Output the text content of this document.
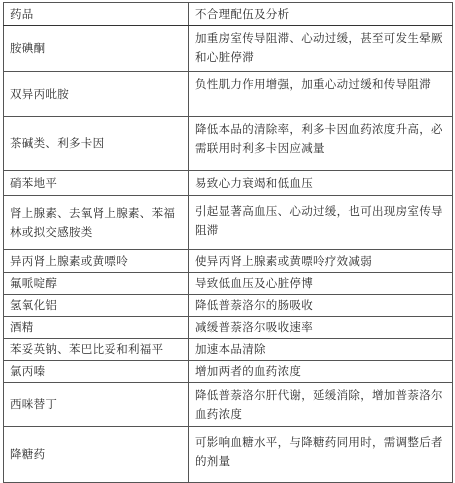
药品	不合理配伍及分析
胺碘酮	加重房室传导阻滞、心动过缓，甚至可发生晕厥和心脏停滞
双异丙吡胺	负性肌力作用增强，加重心动过缓和传导阻滞
茶碱类、利多卡因	降低本品的清除率，利多卡因血药浓度升高，必需联用时利多卡因应减量
硝苯地平	易致心力衰竭和低血压
肾上腺素、去氧肾上腺素、苯福林或拟交感胺类	引起显著高血压、心动过缓，也可出现房室传导阻滞
异丙肾上腺素或黄嘌呤	使异丙肾上腺素或黄嘌呤疗效减弱
氟哌啶醇	导致低血压及心脏停博
氢氧化铝	降低普萘洛尔的肠吸收
酒精	减缓普萘洛尔吸收速率
苯妥英钠、苯巴比妥和利福平	加速本品清除
氯丙嗪	增加两者的血药浓度
西咪替丁	降低普萘洛尔肝代谢，延缓消除，增加普萘洛尔血药浓度
降糖药	可影响血糖水平，与降糖药同用时，需调整后者的剂量
